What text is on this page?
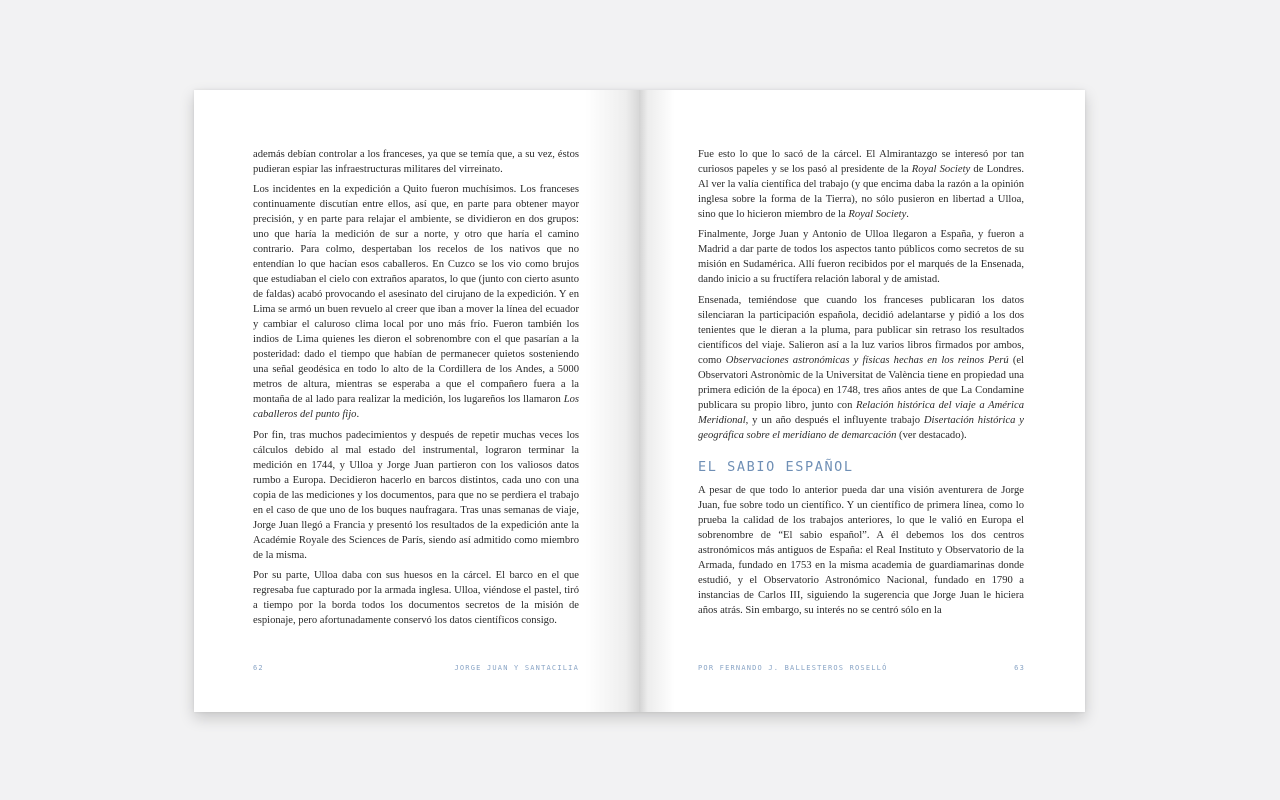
además debían controlar a los franceses, ya que se temía que, a su vez, éstos pudieran espiar las infraestructuras militares del virreinato.

Los incidentes en la expedición a Quito fueron muchísimos. Los franceses continuamente discutían entre ellos, así que, en parte para obtener mayor precisión, y en parte para relajar el ambiente, se dividieron en dos grupos: uno que haría la medición de sur a norte, y otro que haría el camino contrario. Para colmo, despertaban los recelos de los nativos que no entendían lo que hacían esos caballeros. En Cuzco se los vio como brujos que estudiaban el cielo con extraños aparatos, lo que (junto con cierto asunto de faldas) acabó provocando el asesinato del cirujano de la expedición. Y en Lima se armó un buen revuelo al creer que iban a mover la línea del ecuador y cambiar el caluroso clima local por uno más frío. Fueron también los indios de Lima quienes les dieron el sobrenombre con el que pasarían a la posteridad: dado el tiempo que habían de permanecer quietos sosteniendo una señal geodésica en todo lo alto de la Cordillera de los Andes, a 5000 metros de altura, mientras se esperaba a que el compañero fuera a la montaña de al lado para realizar la medición, los lugareños los llamaron Los caballeros del punto fijo.

Por fin, tras muchos padecimientos y después de repetir muchas veces los cálculos debido al mal estado del instrumental, lograron terminar la medición en 1744, y Ulloa y Jorge Juan partieron con los valiosos datos rumbo a Europa. Decidieron hacerlo en barcos distintos, cada uno con una copia de las mediciones y los documentos, para que no se perdiera el trabajo en el caso de que uno de los buques naufragara. Tras unas semanas de viaje, Jorge Juan llegó a Francia y presentó los resultados de la expedición ante la Académie Royale des Sciences de París, siendo así admitido como miembro de la misma.

Por su parte, Ulloa daba con sus huesos en la cárcel. El barco en el que regresaba fue capturado por la armada inglesa. Ulloa, viéndose el pastel, tiró a tiempo por la borda todos los documentos secretos de la misión de espionaje, pero afortunadamente conservó los datos científicos consigo.

62	JORGE JUAN Y SANTACILIA

Fue esto lo que lo sacó de la cárcel. El Almirantazgo se interesó por tan curiosos papeles y se los pasó al presidente de la Royal Society de Londres. Al ver la valía científica del trabajo (y que encima daba la razón a la opinión inglesa sobre la forma de la Tierra), no sólo pusieron en libertad a Ulloa, sino que lo hicieron miembro de la Royal Society.

Finalmente, Jorge Juan y Antonio de Ulloa llegaron a España, y fueron a Madrid a dar parte de todos los aspectos tanto públicos como secretos de su misión en Sudamérica. Allí fueron recibidos por el marqués de la Ensenada, dando inicio a su fructífera relación laboral y de amistad.

Ensenada, temiéndose que cuando los franceses publicaran los datos silenciaran la participación española, decidió adelantarse y pidió a los dos tenientes que le dieran a la pluma, para publicar sin retraso los resultados científicos del viaje. Salieron así a la luz varios libros firmados por ambos, como Observaciones astronómicas y físicas hechas en los reinos Perú (el Observatori Astronòmic de la Universitat de València tiene en propiedad una primera edición de la época) en 1748, tres años antes de que La Condamine publicara su propio libro, junto con Relación histórica del viaje a América Meridional, y un año después el influyente trabajo Disertación histórica y geográfica sobre el meridiano de demarcación (ver destacado).

EL SABIO ESPAÑOL

A pesar de que todo lo anterior pueda dar una visión aventurera de Jorge Juan, fue sobre todo un científico. Y un científico de primera línea, como lo prueba la calidad de los trabajos anteriores, lo que le valió en Europa el sobrenombre de “El sabio español”. A él debemos los dos centros astronómicos más antiguos de España: el Real Instituto y Observatorio de la Armada, fundado en 1753 en la misma academia de guardiamarinas donde estudió, y el Observatorio Astronómico Nacional, fundado en 1790 a instancias de Carlos III, siguiendo la sugerencia que Jorge Juan le hiciera años atrás. Sin embargo, su interés no se centró sólo en la

POR FERNANDO J. BALLESTEROS ROSELLÓ	63
